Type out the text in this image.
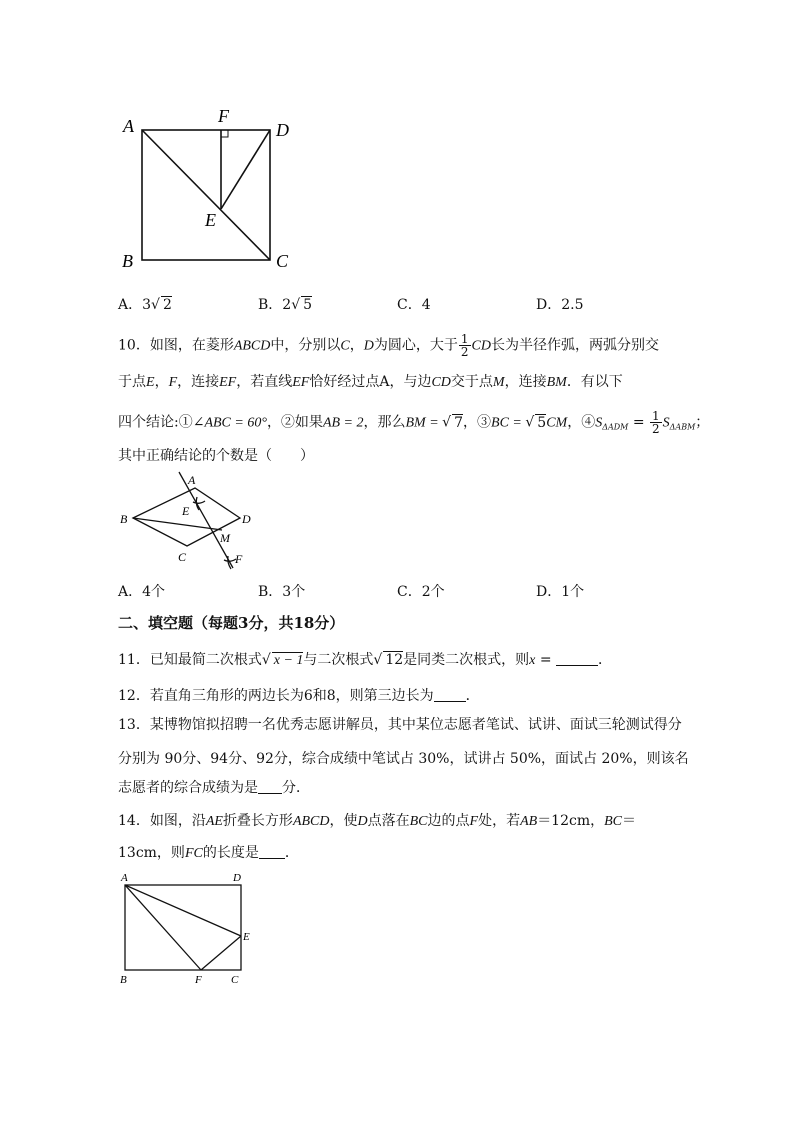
A	F
D
E
B	C
A．3√ 2	B．2√ 5	C．4	D．2.5
10．如图，在菱形ABCD中，分别以C，D为圆心，大于 $\frac{1}{2}$ CD长为半径作弧，两弧分别交
于点E，F，连接EF，若直线EF恰好经过点A，与边CD交于点M，连接BM．有以下
四个结论:①∠ABC = 60°，②如果AB = 2，那么BM = √ 7，③BC = √ 5CM，$④S_{\Delta ADM} = \frac{1}{2} S_{\Delta ABM}$；
其中正确结论的个数是（　　）
A
B
E
D
M
C	F
A．4个	B．3个	C．2个	D．1个
二、填空题（每题3分，共18分）
11．已知最简二次根式√ x − 1与二次根式√ 12是同类二次根式，则x =	．
12．若直角三角形的两边长为6和8，则第三边长为 ．
13．某博物馆拟招聘一名优秀志愿讲解员，其中某位志愿者笔试、试讲、面试三轮测试得分
分别为 90分、94分、92分，综合成绩中笔试占 30%，试讲占 50%，面试占 20%，则该名
志愿者的综合成绩为是 分．
14．如图，沿AE折叠长方形ABCD，使D点落在BC边的点F处，若AB＝12cm，BC＝
13cm，则FC的长度是 ．
A	D
E
B	F	C
